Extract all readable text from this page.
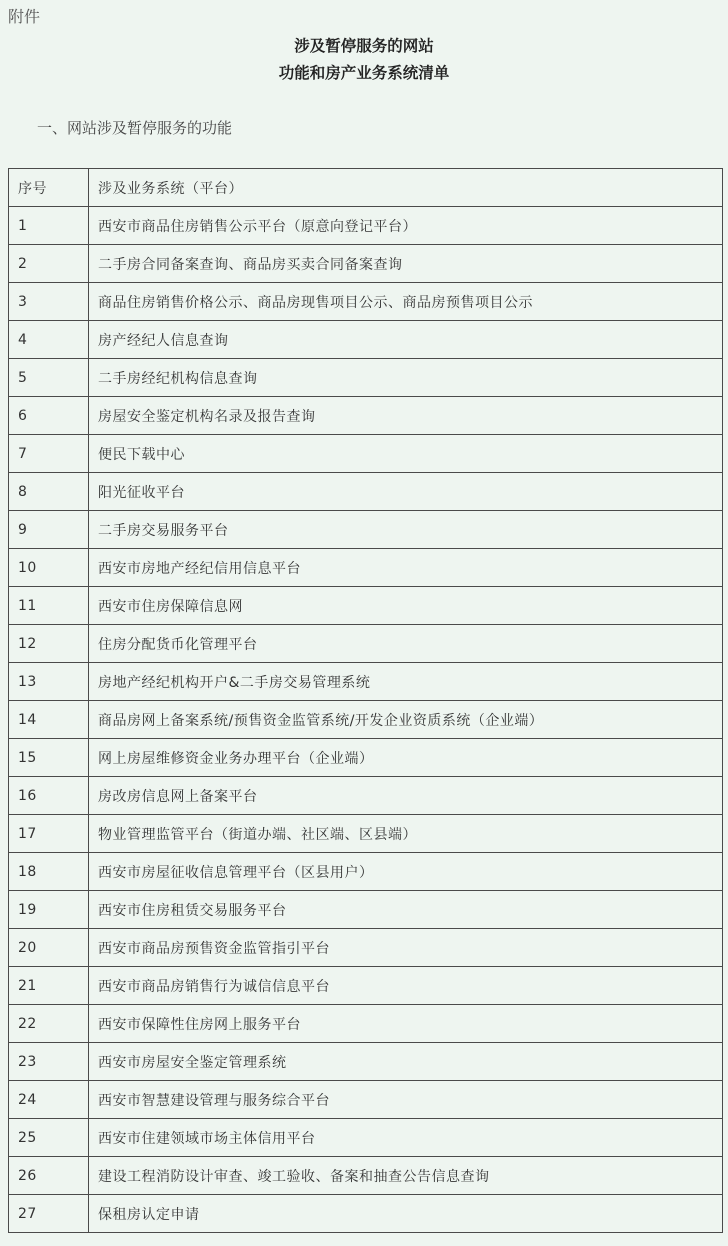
附件
涉及暂停服务的网站
功能和房产业务系统清单
一、网站涉及暂停服务的功能
序号	涉及业务系统（平台）
1	西安市商品住房销售公示平台（原意向登记平台）
2	二手房合同备案查询、商品房买卖合同备案查询
3	商品住房销售价格公示、商品房现售项目公示、商品房预售项目公示
4	房产经纪人信息查询
5	二手房经纪机构信息查询
6	房屋安全鉴定机构名录及报告查询
7	便民下载中心
8	阳光征收平台
9	二手房交易服务平台
10	西安市房地产经纪信用信息平台
11	西安市住房保障信息网
12	住房分配货币化管理平台
13	房地产经纪机构开户&二手房交易管理系统
14	商品房网上备案系统/预售资金监管系统/开发企业资质系统（企业端）
15	网上房屋维修资金业务办理平台（企业端）
16	房改房信息网上备案平台
17	物业管理监管平台（街道办端、社区端、区县端）
18	西安市房屋征收信息管理平台（区县用户）
19	西安市住房租赁交易服务平台
20	西安市商品房预售资金监管指引平台
21	西安市商品房销售行为诚信信息平台
22	西安市保障性住房网上服务平台
23	西安市房屋安全鉴定管理系统
24	西安市智慧建设管理与服务综合平台
25	西安市住建领域市场主体信用平台
26	建设工程消防设计审查、竣工验收、备案和抽查公告信息查询
27	保租房认定申请
